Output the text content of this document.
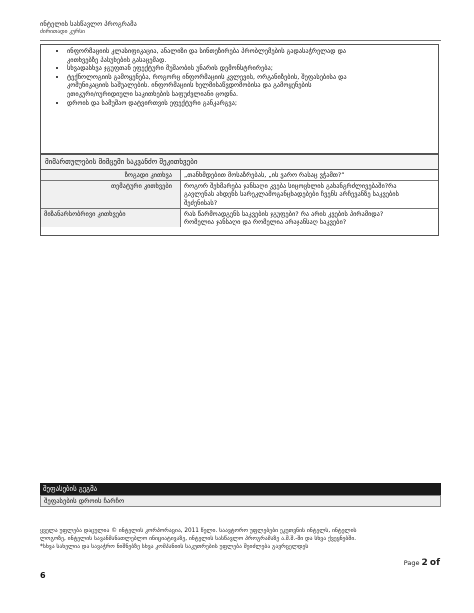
ინტელის სასწავლო პროგრამა
ძირითადი კურსი
• ინფორმაციის კლასიფიკაცია, ანალიზი და სინთეზირება პრობლემების გადასაჭრელად და
კითხვებზე პასუხების გასაცემად.
• სხვადასხვა ჯგუფთან ეფექტური მუშაობის უნარის დემონსტრირება;
• ტექნოლოგიის გამოყენება, როგორც ინფორმაციის კვლევის, ორგანიზების, შეფასებისა და
კომუნიკაციის საშუალების. ინფორმაციის ხელმისაწვდომობისა და გამოყენების
ეთიკური/იურიდიული საკითხების საფუძვლიანი ცოდნა.
• დროის და სამუშაო დატვირთვის ეფექტური განკარგვა;
მიმართულების მიმცემი საკვანძო შეკითხვები
ზოგადი კითხვა	„თანხმდებით მოსაზრებას, „ის ვარო რასაც ვჭამთ?”

თემატური კითხვები	როგორ შეხმარება ჯანსაღი კვება სიცოცხლის გახანგრძლივებაში?რა
გავლენას ახდენს სარეკლამოგანცხადებები ჩვენს არჩევანზე საკვების
შეძენისას?

მიზანარსობრივი კითხვები	რას წარმოადგენს საკვების ჯგუფები? რა არის კვების პირამიდა?
რომელია ჯანსაღი და რომელია არაჯანსაღ საკვები?
შეფასების გეგმა
შეფასების დროის ჩარჩო
ყველა უფლება დაცულია © ინტელის კორპორაცია, 2011 წელი. საავტორო უფლებები ეკუთვნის ინტელს, ინტელის
ლოგოზე, ინტელის სავანმანათლებლო ინიციატივაზე, ინტელის სასწავლო პროგრამაზე ა.შ.შ.-ში და სხვა ქვეყნებში.
*სხვა სახელია და სავაჭრო ნიშნებზე სხვა კომპანიის საკუთრების უფლება შეიძლება გავრცელდეს
Page 2 of
6
